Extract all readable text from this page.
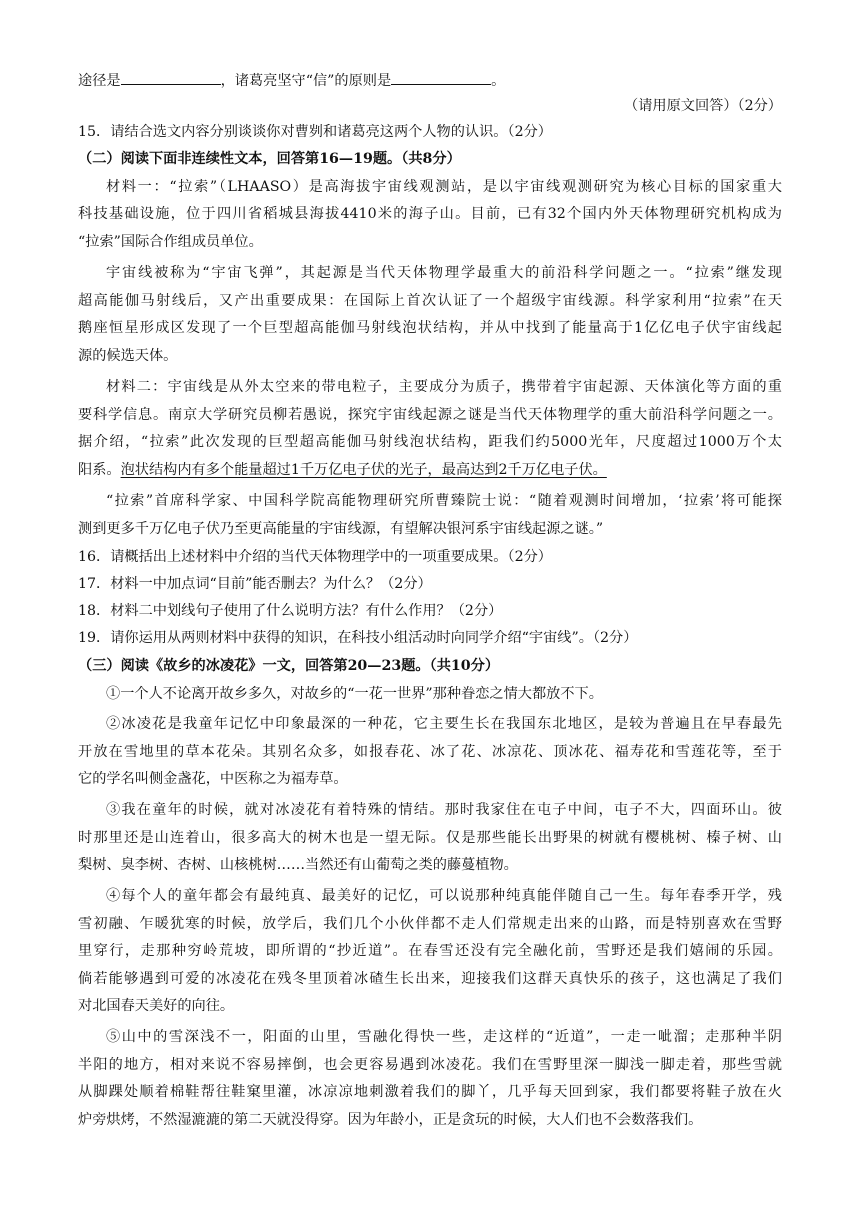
途径是	，诸葛亮坚守“信”的原则是	。
（请用原文回答）（2分）
15．请结合选文内容分别谈谈你对曹刿和诸葛亮这两个人物的认识。（2分）
（二）阅读下面非连续性文本，回答第16—19题。（共8分）
材料一：“拉索”（LHAASO）是高海拔宇宙线观测站，是以宇宙线观测研究为核心目标的国家重大
科技基础设施，位于四川省稻城县海拔4410米的海子山。目前，已有32个国内外天体物理研究机构成为
“拉索”国际合作组成员单位。
宇宙线被称为“宇宙飞弹”，其起源是当代天体物理学最重大的前沿科学问题之一。“拉索”继发现
超高能伽马射线后，又产出重要成果：在国际上首次认证了一个超级宇宙线源。科学家利用“拉索”在天
鹅座恒星形成区发现了一个巨型超高能伽马射线泡状结构，并从中找到了能量高于1亿亿电子伏宇宙线起
源的候选天体。
材料二：宇宙线是从外太空来的带电粒子，主要成分为质子，携带着宇宙起源、天体演化等方面的重
要科学信息。南京大学研究员柳若愚说，探究宇宙线起源之谜是当代天体物理学的重大前沿科学问题之一。
据介绍，“拉索”此次发现的巨型超高能伽马射线泡状结构，距我们约5000光年，尺度超过1000万个太
阳系。泡状结构内有多个能量超过1千万亿电子伏的光子，最高达到2千万亿电子伏。
“拉索”首席科学家、中国科学院高能物理研究所曹臻院士说：“随着观测时间增加，‘拉索’将可能探
测到更多千万亿电子伏乃至更高能量的宇宙线源，有望解决银河系宇宙线起源之谜。”
16．请概括出上述材料中介绍的当代天体物理学中的一项重要成果。（2分）
17．材料一中加点词“目前”能否删去？为什么？（2分）
18．材料二中划线句子使用了什么说明方法？有什么作用？（2分）
19．请你运用从两则材料中获得的知识，在科技小组活动时向同学介绍“宇宙线”。（2分）
（三）阅读《故乡的冰凌花》一文，回答第20—23题。（共10分）
①一个人不论离开故乡多久，对故乡的“一花一世界”那种眷恋之情大都放不下。
②冰凌花是我童年记忆中印象最深的一种花，它主要生长在我国东北地区，是较为普遍且在早春最先
开放在雪地里的草本花朵。其别名众多，如报春花、冰了花、冰凉花、顶冰花、福寿花和雪莲花等，至于
它的学名叫侧金盏花，中医称之为福寿草。
③我在童年的时候，就对冰凌花有着特殊的情结。那时我家住在屯子中间，屯子不大，四面环山。彼
时那里还是山连着山，很多高大的树木也是一望无际。仅是那些能长出野果的树就有樱桃树、榛子树、山
梨树、臭李树、杏树、山核桃树……当然还有山葡萄之类的藤蔓植物。
④每个人的童年都会有最纯真、最美好的记忆，可以说那种纯真能伴随自己一生。每年春季开学，残
雪初融、乍暖犹寒的时候，放学后，我们几个小伙伴都不走人们常规走出来的山路，而是特别喜欢在雪野
里穿行，走那种穷岭荒坡，即所谓的“抄近道”。在春雪还没有完全融化前，雪野还是我们嬉闹的乐园。
倘若能够遇到可爱的冰凌花在残冬里顶着冰碴生长出来，迎接我们这群天真快乐的孩子，这也满足了我们
对北国春天美好的向往。
⑤山中的雪深浅不一，阳面的山里，雪融化得快一些，走这样的“近道”，一走一呲溜；走那种半阴
半阳的地方，相对来说不容易摔倒，也会更容易遇到冰凌花。我们在雪野里深一脚浅一脚走着，那些雪就
从脚踝处顺着棉鞋帮往鞋窠里灌，冰凉凉地刺激着我们的脚丫，几乎每天回到家，我们都要将鞋子放在火
炉旁烘烤，不然湿漉漉的第二天就没得穿。因为年龄小，正是贪玩的时候，大人们也不会数落我们。
